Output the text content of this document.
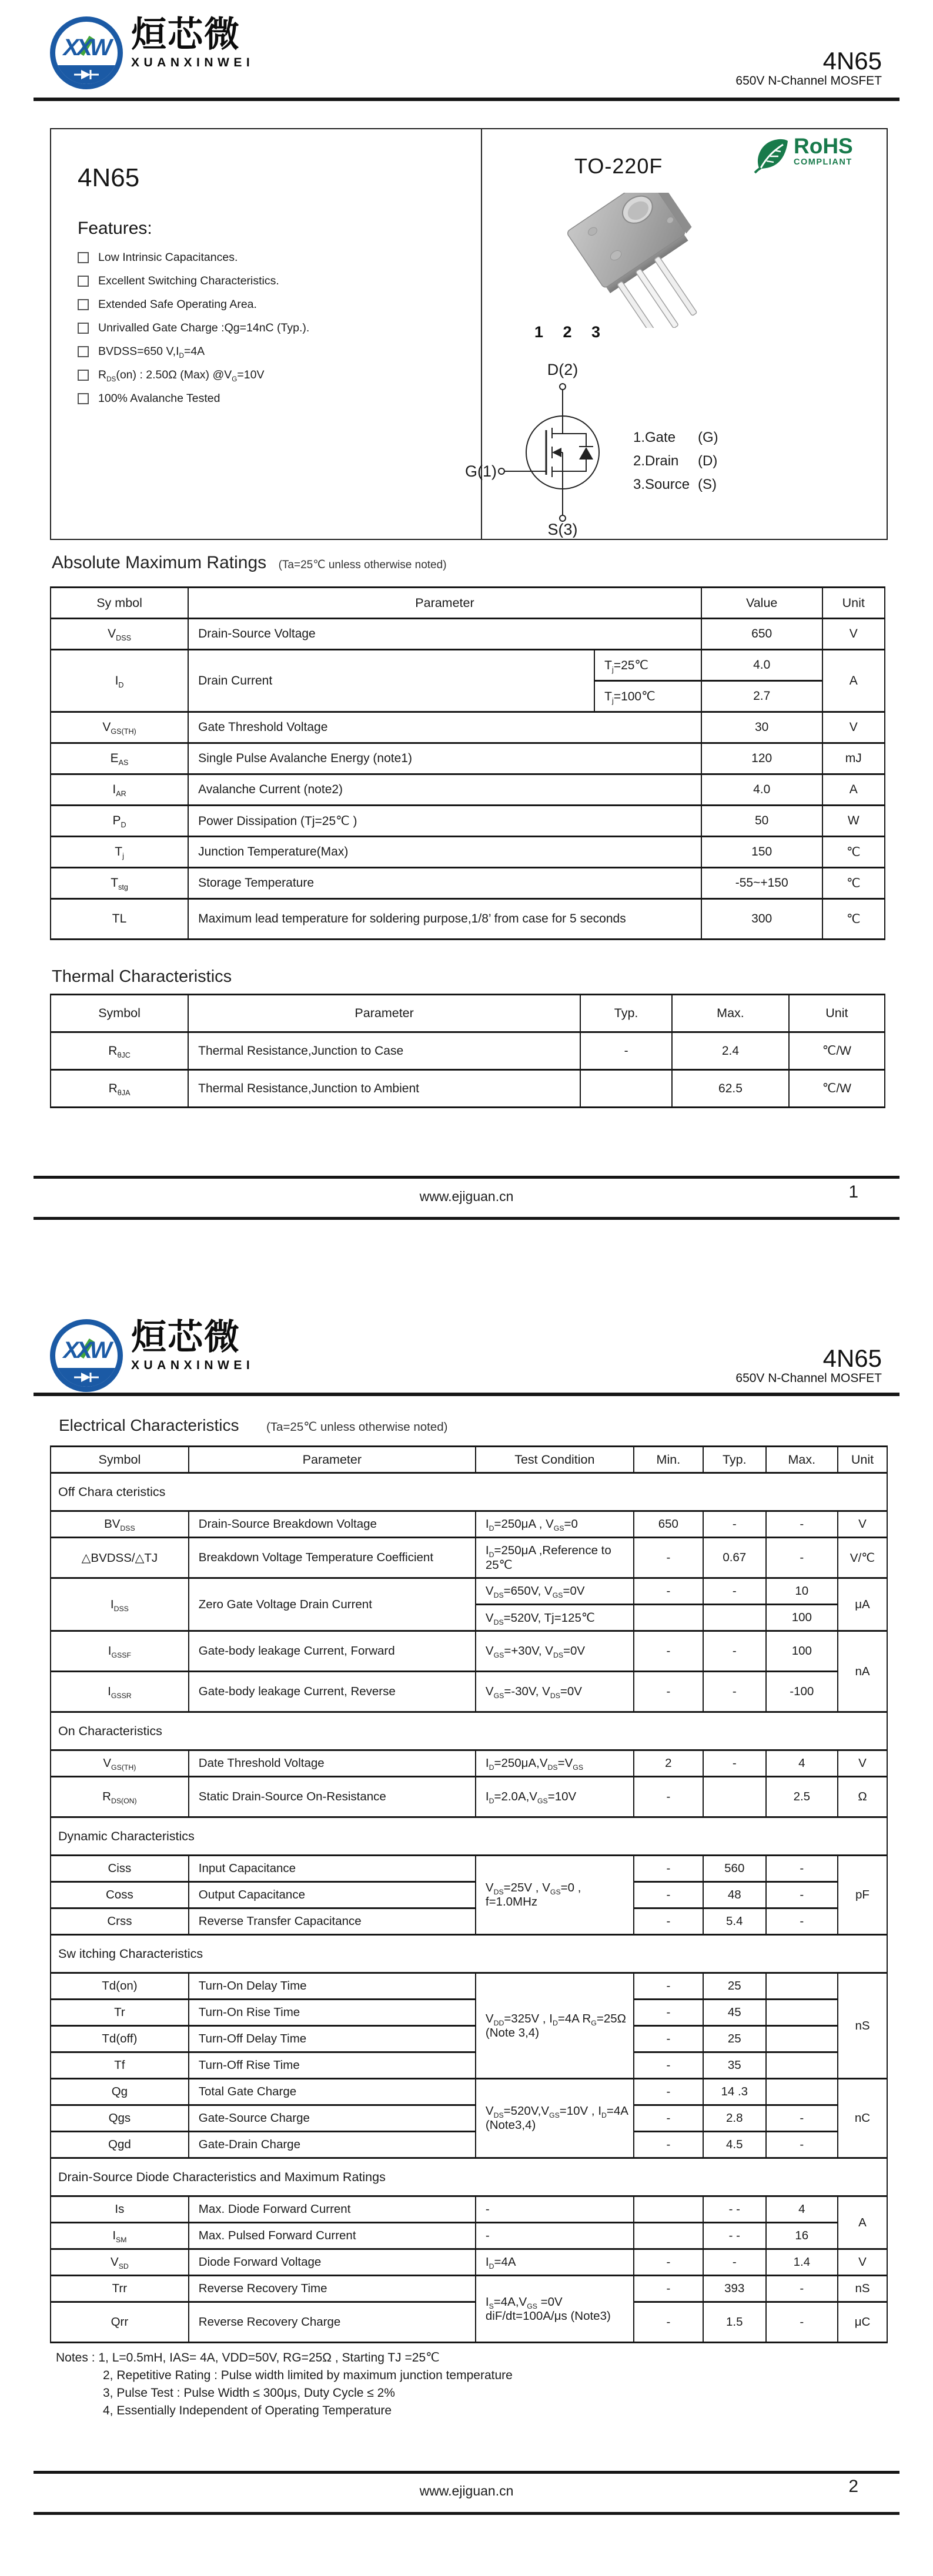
XXW 烜芯微
XUANXINWEI	4N65
650V N-Channel MOSFET
4N65
Features:
Low Intrinsic Capacitances.
Excellent Switching Characteristics.
Extended Safe Operating Area.
Unrivalled Gate Charge :Qg=14nC (Typ.).
BVDSS=650 $V,I_D=4A$
$R_{DS}(on)$ : 2.50Ω (Max) $@V_G=10V$
100% Avalanche Tested
TO-220F
RoHS
COMPLIANT
1 2 3
D(2)
G(1)
S(3)
1.Gate	(G)
2.Drain	(D)
3.Source (S)
Absolute Maximum Ratings (Ta=25℃ unless otherwise noted)
Sy mbol	Parameter		Value	Unit
$V_{DSS}$	Drain-Source Voltage		650	V
$I_D$	Drain Current	$T_j=25℃$	4.0	A
		$T_j=100℃$	2.7	
$V_{GS(TH)}$	Gate Threshold Voltage		30	V
$E_{AS}$	Single Pulse Avalanche Energy (note1)		120	mJ
$I_{AR}$	Avalanche Current (note2)		4.0	A
$P_D$	Power Dissipation (Tj=25℃ )		50	W
$T_j$	Junction Temperature(Max)		150	℃
$T_{stg}$	Storage Temperature		-55~+150	℃
TL	Maximum lead temperature for soldering purpose,1/8’ from case for 5 seconds		300	℃
Thermal Characteristics
Symbol	Parameter	Typ.	Max.	Unit
$R_{\theta JC}$	Thermal Resistance,Junction to Case	-	2.4	℃/W
$R_{\theta JA}$	Thermal Resistance,Junction to Ambient		62.5	℃/W
www.ejiguan.cn	1
XXW 烜芯微
XUANXINWEI	4N65
650V N-Channel MOSFET
Electrical Characteristics (Ta=25℃ unless otherwise noted)
Symbol	Parameter	Test Condition	Min.	Typ.	Max.	Unit
Off Chara cteristics						
$BV_{DSS}$	Drain-Source Breakdown Voltage	$I_D=250\mu A$ , $V_{GS}=0$	650	-	-	V
△BVDSS/△TJ	Breakdown Voltage Temperature Coefficient	$I_D=250\mu A$ ,Reference to 25℃	-	0.67	-	V/℃
$I_{DSS}$	Zero Gate Voltage Drain Current	$V_{DS}=650V$, $V_{GS}=0V$	-	-	10	μA
		$V_{DS}=520V$, Tj=125℃			100	
$I_{GSSF}$	Gate-body leakage Current, Forward	$V_{GS}=+30V$, $V_{DS}=0V$	-	-	100	nA
$I_{GSSR}$	Gate-body leakage Current, Reverse	$V_{GS}=-30V$, $V_{DS}=0V$	-	-	-100	
On Characteristics						
$V_{GS(TH)}$	Date Threshold Voltage	$I_D=250\mu A,V_{DS}=V_{GS}$	2	-	4	V
$R_{DS(ON)}$	Static Drain-Source On-Resistance	$I_D=2.0A,V_{GS}=10V$	-		2.5	Ω
Dynamic Characteristics						
Ciss	Input Capacitance	$V_{DS}=25V$ , $V_{GS}=0$ , f=1.0MHz	-	560	-	pF
Coss	Output Capacitance		-	48	-	
Crss	Reverse Transfer Capacitance		-	5.4	-	
Sw itching Characteristics						
Td(on)	Turn-On Delay Time	$V_{DD}=325V$ , $I_D=4A$ $R_G=25\Omega$ (Note 3,4)	-	25		nS
Tr	Turn-On Rise Time		-	45		
Td(off)	Turn-Off Delay Time		-	25		
Tf	Turn-Off Rise Time		-	35		
Qg	Total Gate Charge	$V_{DS}=520V,V_{GS}=10V$ , $I_D=4A$ (Note3,4)	-	14 .3		nC
Qgs	Gate-Source Charge		-	2.8	-	
Qgd	Gate-Drain Charge		-	4.5	-	
Drain-Source Diode Characteristics and Maximum Ratings						
Is	Max. Diode Forward Current	-		- -	4	A
$I_{SM}$	Max. Pulsed Forward Current	-		- -	16	
$V_{SD}$	Diode Forward Voltage	$I_D=4A$	-	-	1.4	V
Trr	Reverse Recovery Time	$I_S=4A,V_{GS} =0V$ diF/dt=100A/μs (Note3)	-	393	-	nS
Qrr	Reverse Recovery Charge		-	1.5	-	μC
Notes : 1, L=0.5mH, IAS= 4A, VDD=50V, RG=25Ω , Starting TJ =25℃
2, Repetitive Rating : Pulse width limited by maximum junction temperature
3, Pulse Test : Pulse Width ≤ 300μs, Duty Cycle ≤ 2%
4, Essentially Independent of Operating Temperature
www.ejiguan.cn	2
